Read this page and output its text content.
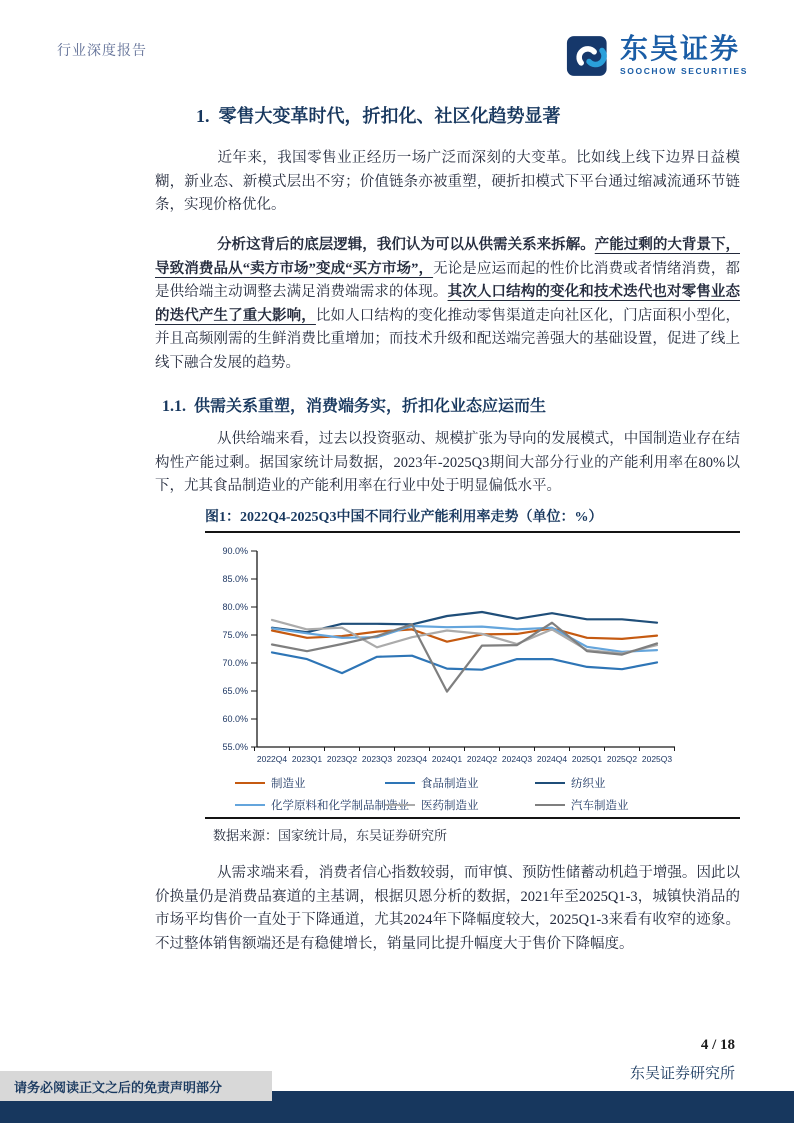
行业深度报告	东吴证券
SOOCHOW SECURITIES
1.  零售大变革时代，折扣化、社区化趋势显著
1.1.  供需关系重塑，消费端务实，折扣化业态应运而生
近年来，我国零售业正经历一场广泛而深刻的大变革。比如线上线下边界日益模糊，新业态、新模式层出不穷；价值链条亦被重塑，硬折扣模式下平台通过缩减流通环节链条，实现价格优化。
分析这背后的底层逻辑，我们认为可以从供需关系来拆解。产能过剩的大背景下，导致消费品从“卖方市场”变成“买方市场”，无论是应运而起的性价比消费或者情绪消费，都是供给端主动调整去满足消费端需求的体现。其次人口结构的变化和技术迭代也对零售业态的迭代产生了重大影响，比如人口结构的变化推动零售渠道走向社区化，门店面积小型化，并且高频刚需的生鲜消费比重增加；而技术升级和配送端完善强大的基础设置，促进了线上线下融合发展的趋势。
从供给端来看，过去以投资驱动、规模扩张为导向的发展模式，中国制造业存在结构性产能过剩。据国家统计局数据，2023年-2025Q3期间大部分行业的产能利用率在80%以下，尤其食品制造业的产能利用率在行业中处于明显偏低水平。
从需求端来看，消费者信心指数较弱，而审慎、预防性储蓄动机趋于增强。因此以价换量仍是消费品赛道的主基调，根据贝恩分析的数据，2021年至2025Q1-3，城镇快消品的市场平均售价一直处于下降通道，尤其2024年下降幅度较大，2025Q1-3来看有收窄的迹象。不过整体销售额端还是有稳健增长，销量同比提升幅度大于售价下降幅度。
图1：2022Q4-2025Q3中国不同行业产能利用率走势（单位：%）
90.0%
85.0%
80.0%
75.0%
70.0%
65.0%
60.0%
55.0%
2022Q4 2023Q1 2023Q2 2023Q3 2023Q4 2024Q1 2024Q2 2024Q3 2024Q4 2025Q1 2025Q2 2025Q3
制造业	食品制造业	纺织业
化学原料和化学制品制造业 医药制造业	汽车制造业
数据来源：国家统计局，东吴证券研究所
4 / 18
东吴证券研究所
请务必阅读正文之后的免责声明部分
